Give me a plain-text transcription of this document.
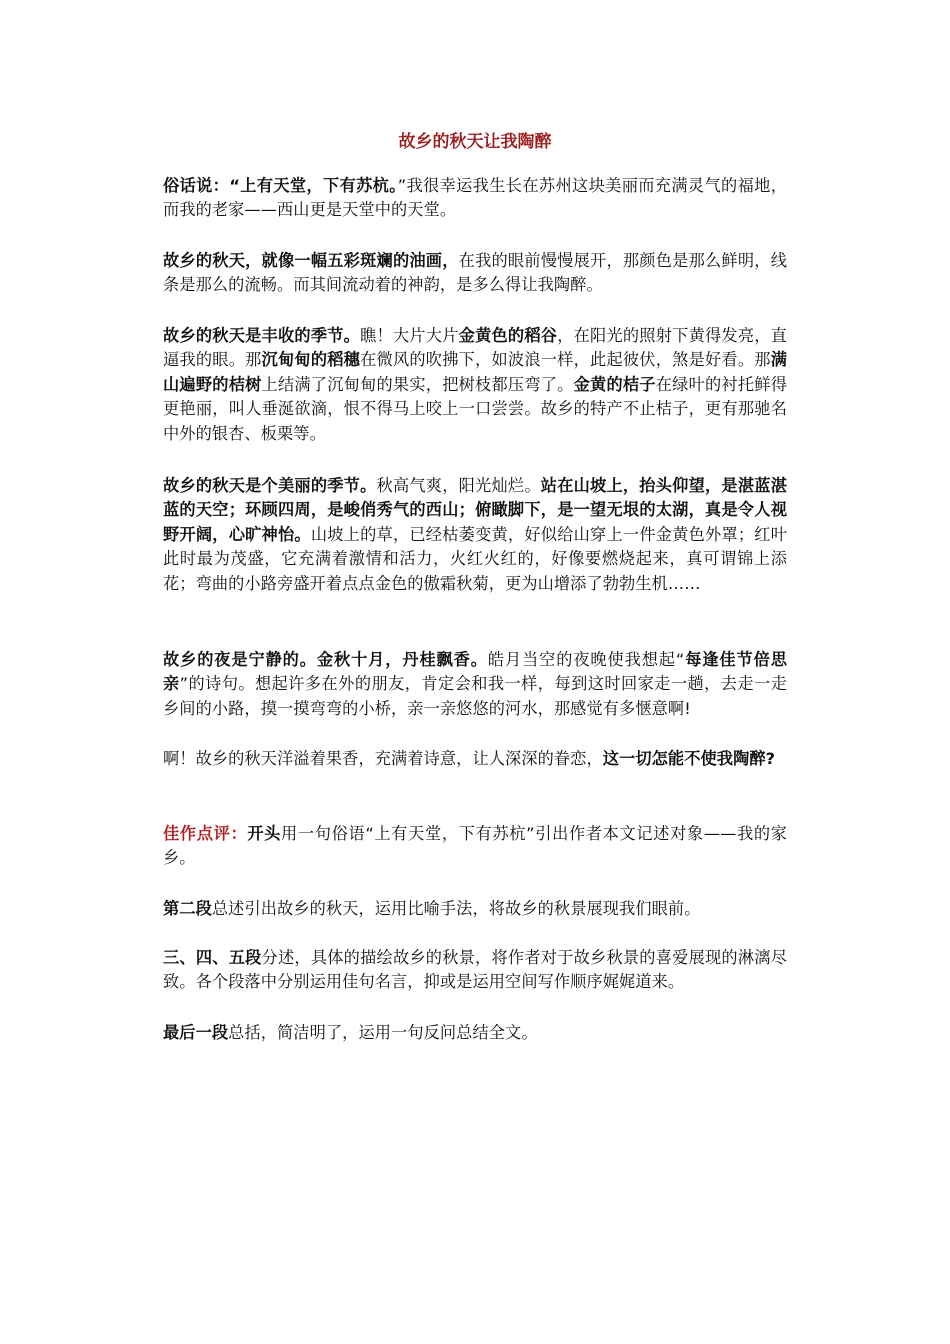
故乡的秋天让我陶醉

俗话说：“上有天堂，下有苏杭。”我很幸运我生长在苏州这块美丽而充满灵气的福地，而我的老家——西山更是天堂中的天堂。

故乡的秋天，就像一幅五彩斑斓的油画，在我的眼前慢慢展开，那颜色是那么鲜明，线条是那么的流畅。而其间流动着的神韵，是多么得让我陶醉。

故乡的秋天是丰收的季节。瞧！大片大片金黄色的稻谷，在阳光的照射下黄得发亮，直逼我的眼。那沉甸甸的稻穗在微风的吹拂下，如波浪一样，此起彼伏，煞是好看。那满山遍野的桔树上结满了沉甸甸的果实，把树枝都压弯了。金黄的桔子在绿叶的衬托鲜得更艳丽，叫人垂涎欲滴，恨不得马上咬上一口尝尝。故乡的特产不止桔子，更有那驰名中外的银杏、板栗等。

故乡的秋天是个美丽的季节。秋高气爽，阳光灿烂。站在山坡上，抬头仰望，是湛蓝湛蓝的天空；环顾四周，是峻俏秀气的西山；俯瞰脚下，是一望无垠的太湖，真是令人视野开阔，心旷神怡。山坡上的草，已经枯萎变黄，好似给山穿上一件金黄色外罩；红叶此时最为茂盛，它充满着激情和活力，火红火红的，好像要燃烧起来，真可谓锦上添花；弯曲的小路旁盛开着点点金色的傲霜秋菊，更为山增添了勃勃生机……

故乡的夜是宁静的。金秋十月，丹桂飘香。皓月当空的夜晚使我想起“每逢佳节倍思亲”的诗句。想起许多在外的朋友，肯定会和我一样，每到这时回家走一趟，去走一走乡间的小路，摸一摸弯弯的小桥，亲一亲悠悠的河水，那感觉有多惬意啊!

啊！故乡的秋天洋溢着果香，充满着诗意，让人深深的眷恋，这一切怎能不使我陶醉?

佳作点评：开头用一句俗语“上有天堂，下有苏杭”引出作者本文记述对象——我的家乡。

第二段总述引出故乡的秋天，运用比喻手法，将故乡的秋景展现我们眼前。

三、四、五段分述，具体的描绘故乡的秋景，将作者对于故乡秋景的喜爱展现的淋漓尽致。各个段落中分别运用佳句名言，抑或是运用空间写作顺序娓娓道来。

最后一段总括，简洁明了，运用一句反问总结全文。
